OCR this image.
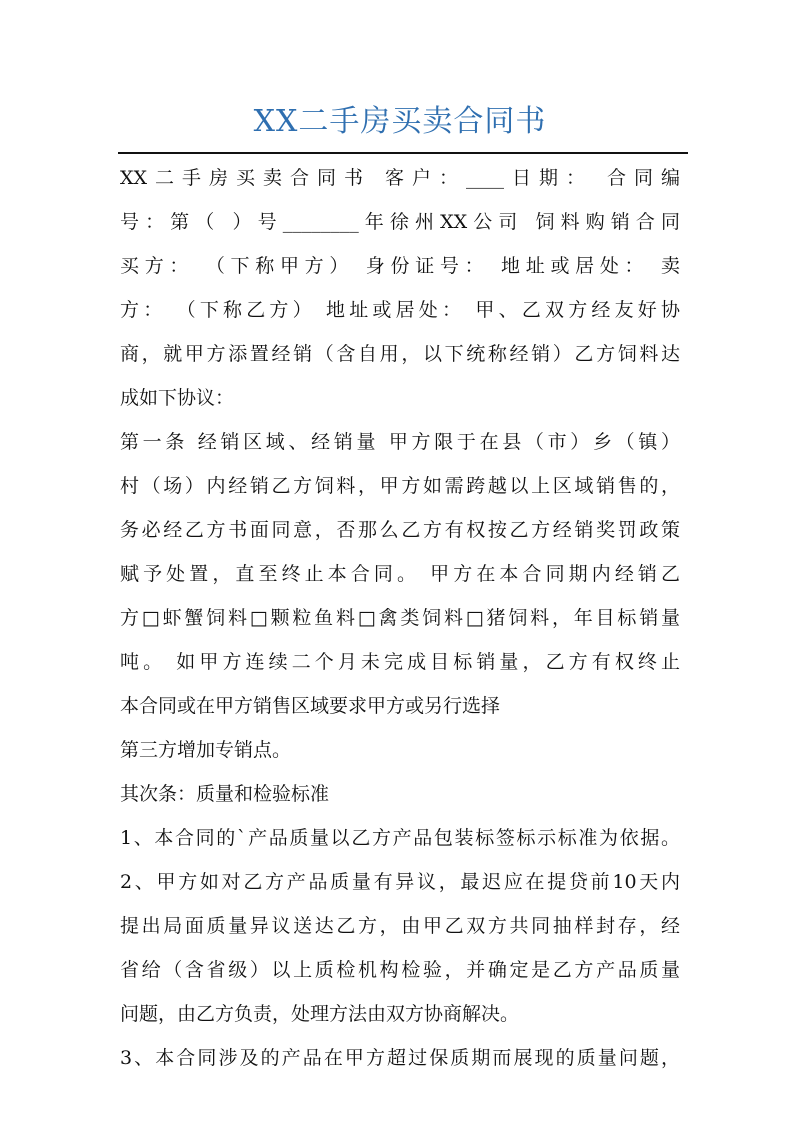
XX二手房买卖合同书
XX二手房买卖合同书 客户：____日期： 合同编
号：第（ ）号________年徐州XX公司 饲料购销合同
买方： （下称甲方） 身份证号： 地址或居处： 卖
方： （下称乙方） 地址或居处： 甲、乙双方经友好协
商，就甲方添置经销（含自用，以下统称经销）乙方饲料达
成如下协议：
第一条 经销区域、经销量 甲方限于在县（市）乡（镇）
村（场）内经销乙方饲料，甲方如需跨越以上区域销售的，
务必经乙方书面同意，否那么乙方有权按乙方经销奖罚政策
赋予处置，直至终止本合同。 甲方在本合同期内经销乙
方□虾蟹饲料□颗粒鱼料□禽类饲料□猪饲料，年目标销量
吨。 如甲方连续二个月未完成目标销量，乙方有权终止
本合同或在甲方销售区域要求甲方或另行选择
第三方增加专销点。
其次条：质量和检验标准
1、本合同的`产品质量以乙方产品包装标签标示标准为依据。
2、甲方如对乙方产品质量有异议，最迟应在提贷前10天内
提出局面质量异议送达乙方，由甲乙双方共同抽样封存，经
省给（含省级）以上质检机构检验，并确定是乙方产品质量
问题，由乙方负责，处理方法由双方协商解决。
3、本合同涉及的产品在甲方超过保质期而展现的质量问题，
